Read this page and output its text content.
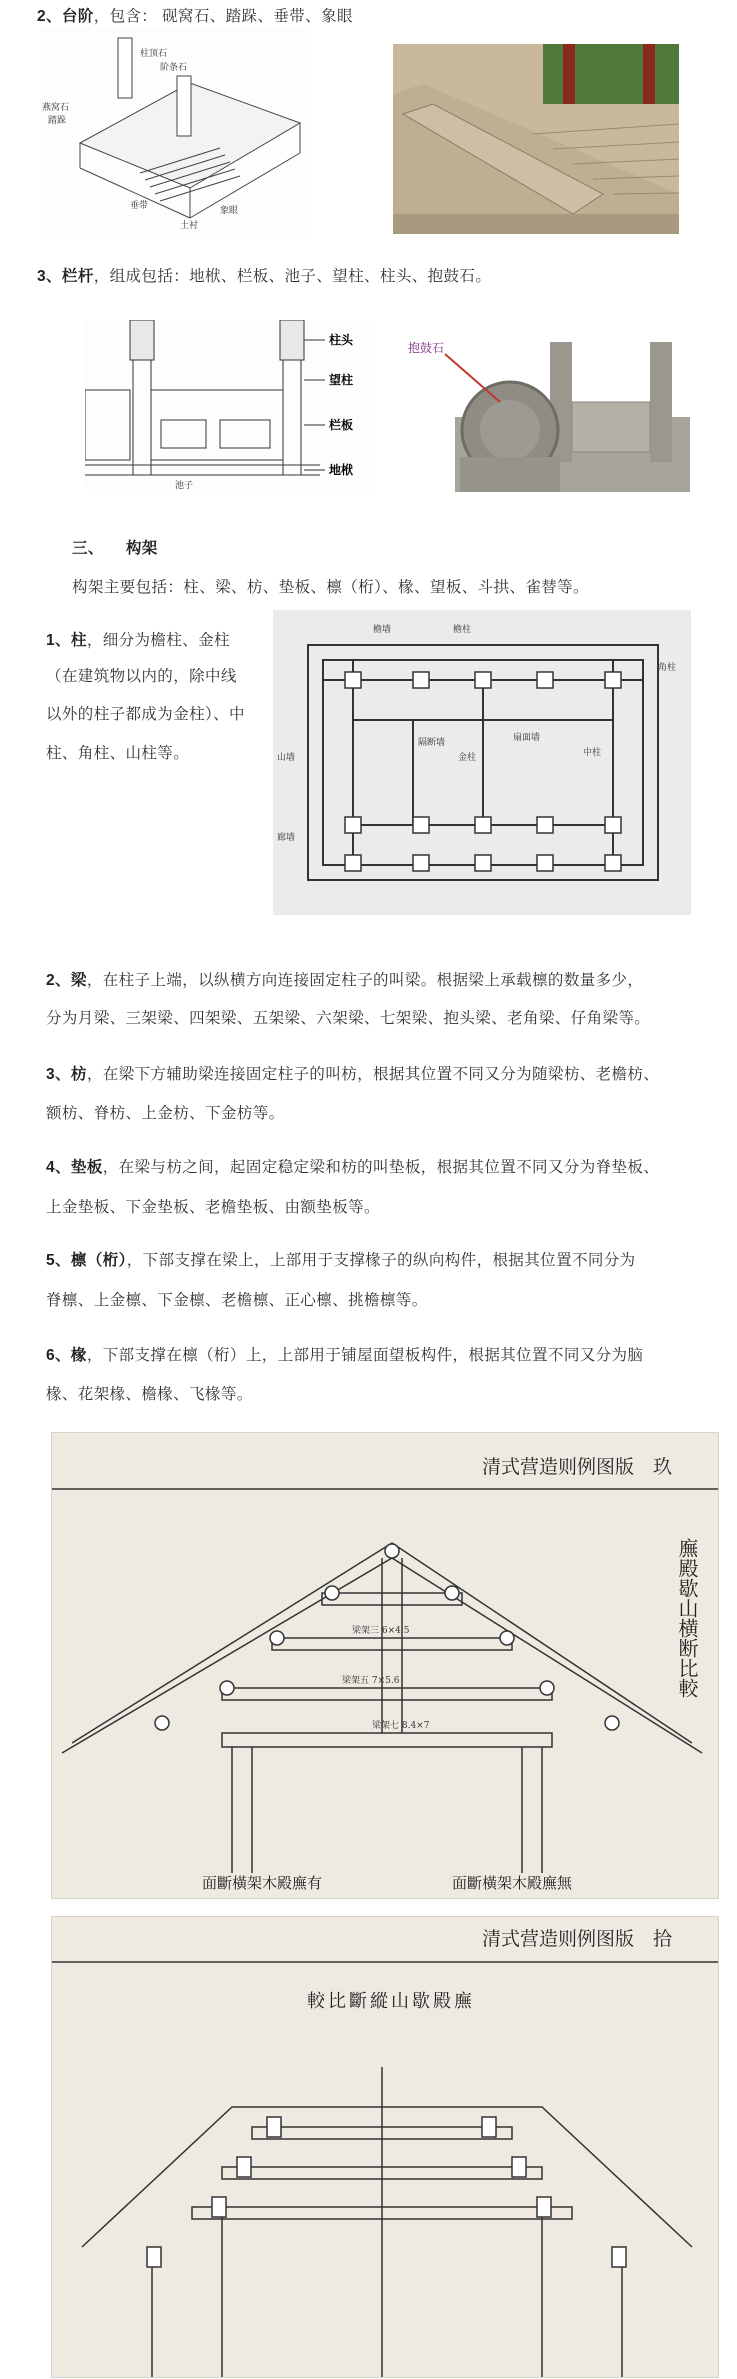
2、台阶，包含： 砚窝石、踏跺、垂带、象眼
柱顶石
阶条石
燕窝石
踏跺
垂带
土衬
象眼
3、栏杆，组成包括：地栿、栏板、池子、望柱、柱头、抱鼓石。
柱头
望柱
栏板
地栿
池子
抱鼓石
三、 构架
构架主要包括：柱、梁、枋、垫板、檩（桁）、椽、望板、斗拱、雀替等。
1、柱，细分为檐柱、金柱
（在建筑物以内的，除中线
以外的柱子都成为金柱）、中
柱、角柱、山柱等。
檐墙	檐柱
角柱
隔断墙
金柱
扇面墙
中柱
山墙
廊墙
2、梁，在柱子上端，以纵横方向连接固定柱子的叫梁。根据梁上承载檩的数量多少，
分为月梁、三架梁、四架梁、五架梁、六架梁、七架梁、抱头梁、老角梁、仔角梁等。
3、枋，在梁下方辅助梁连接固定柱子的叫枋，根据其位置不同又分为随梁枋、老檐枋、
额枋、脊枋、上金枋、下金枋等。
4、垫板，在梁与枋之间，起固定稳定梁和枋的叫垫板，根据其位置不同又分为脊垫板、
上金垫板、下金垫板、老檐垫板、由额垫板等。
5、檩（桁），下部支撑在梁上，上部用于支撑椽子的纵向构件，根据其位置不同分为
脊檩、上金檩、下金檩、老檐檩、正心檩、挑檐檩等。
6、椽，下部支撑在檩（桁）上，上部用于铺屋面望板构件，根据其位置不同又分为脑
椽、花架椽、檐椽、飞椽等。
清式营造则例图版　玖
廡殿歇山横断比較
梁架三 6×4.5
梁架五 7×5.6
梁架七 8.4×7
面斷橫架木殿廡有	面斷橫架木殿廡無
清式营造则例图版　拾
較比斷縱山歇殿廡
